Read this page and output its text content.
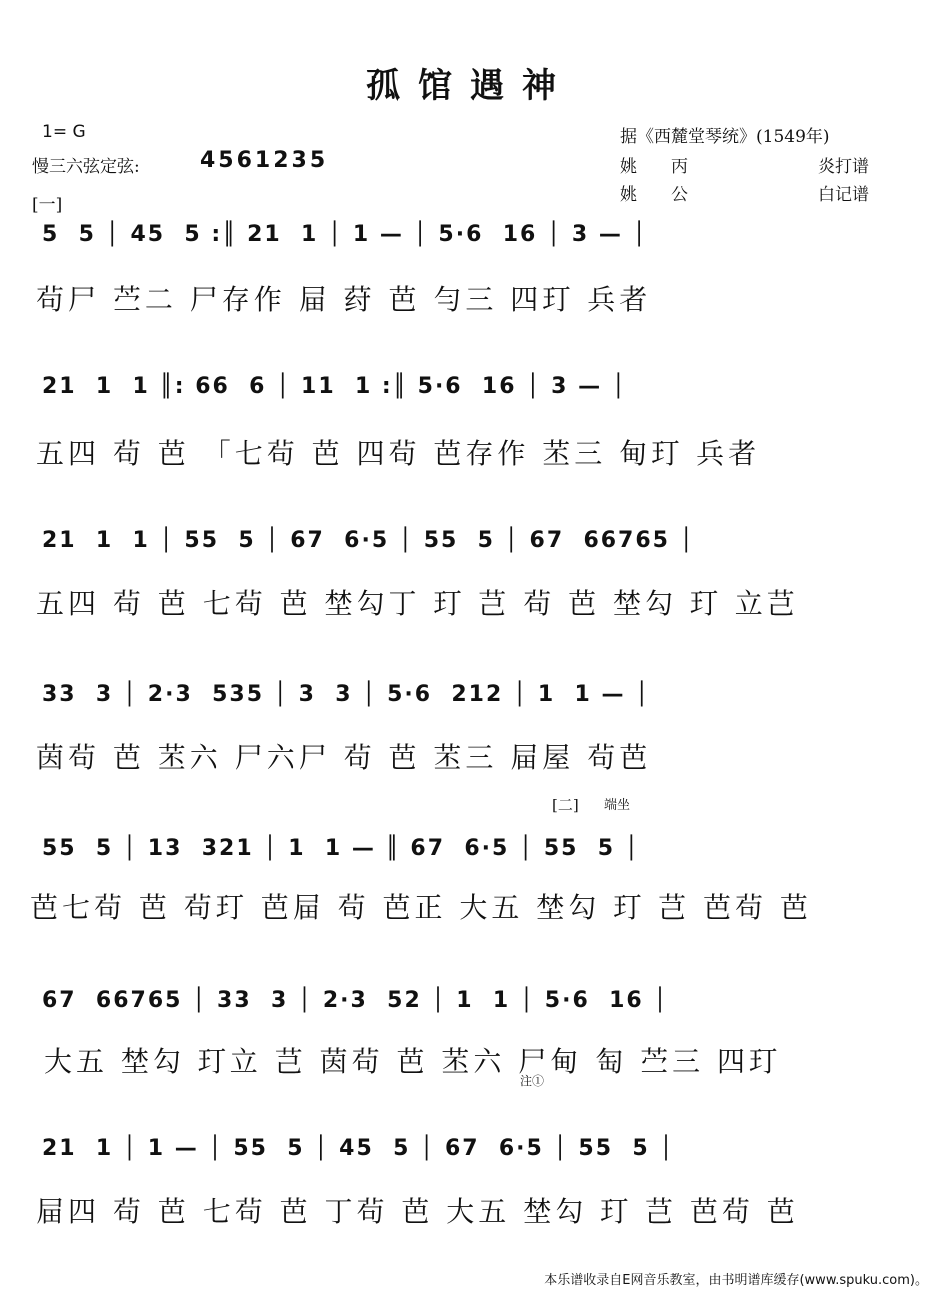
孤馆遇神
1= G
慢三六弦定弦:	4561235
[一]
据《西麓堂琴统》(1549年)
姚　　丙	炎打谱
姚　　公	白记谱
5  5 │ 45  5 :║ 21  1 │ 1 — │ 5·6  16 │ 3 — │
茍尸 苎二 尸存作 屇 荮 芭 勻三 四玎 兵者
21  1  1 ║: 66  6 │ 11  1 :║ 5·6  16 │ 3 — │
五四 茍 芭 「七茍 芭 四茍 芭存作 苤三 甸玎 兵者
21  1  1 │ 55  5 │ 67  6·5 │ 55  5 │ 67  66765 │
五四 茍 芭 七茍 芭 埜勾丁 玎 芑 茍 芭 埜勾 玎 立芑
33  3 │ 2·3  535 │ 3  3 │ 5·6  212 │ 1  1 — │
茵茍 芭 苤六 尸六尸 茍 芭 苤三 屇屋 茍芭
[二] 端坐
55  5 │ 13  321 │ 1  1 — ║ 67  6·5 │ 55  5 │
芭七茍 芭 茍玎 芭屇 茍 芭正 大五 埜勾 玎 芑 芭茍 芭
67  66765 │ 33  3 │ 2·3  52 │ 1  1 │ 5·6  16 │
大五 埜勾 玎立 芑 茵茍 芭 苤六 尸甸 匋 苎三 四玎
注①
21  1 │ 1 — │ 55  5 │ 45  5 │ 67  6·5 │ 55  5 │
屇四 茍 芭 七茍 芭 丁茍 芭 大五 埜勾 玎 芑 芭茍 芭
本乐谱收录自E网音乐教室，由书明谱库缓存(www.spuku.com)。
